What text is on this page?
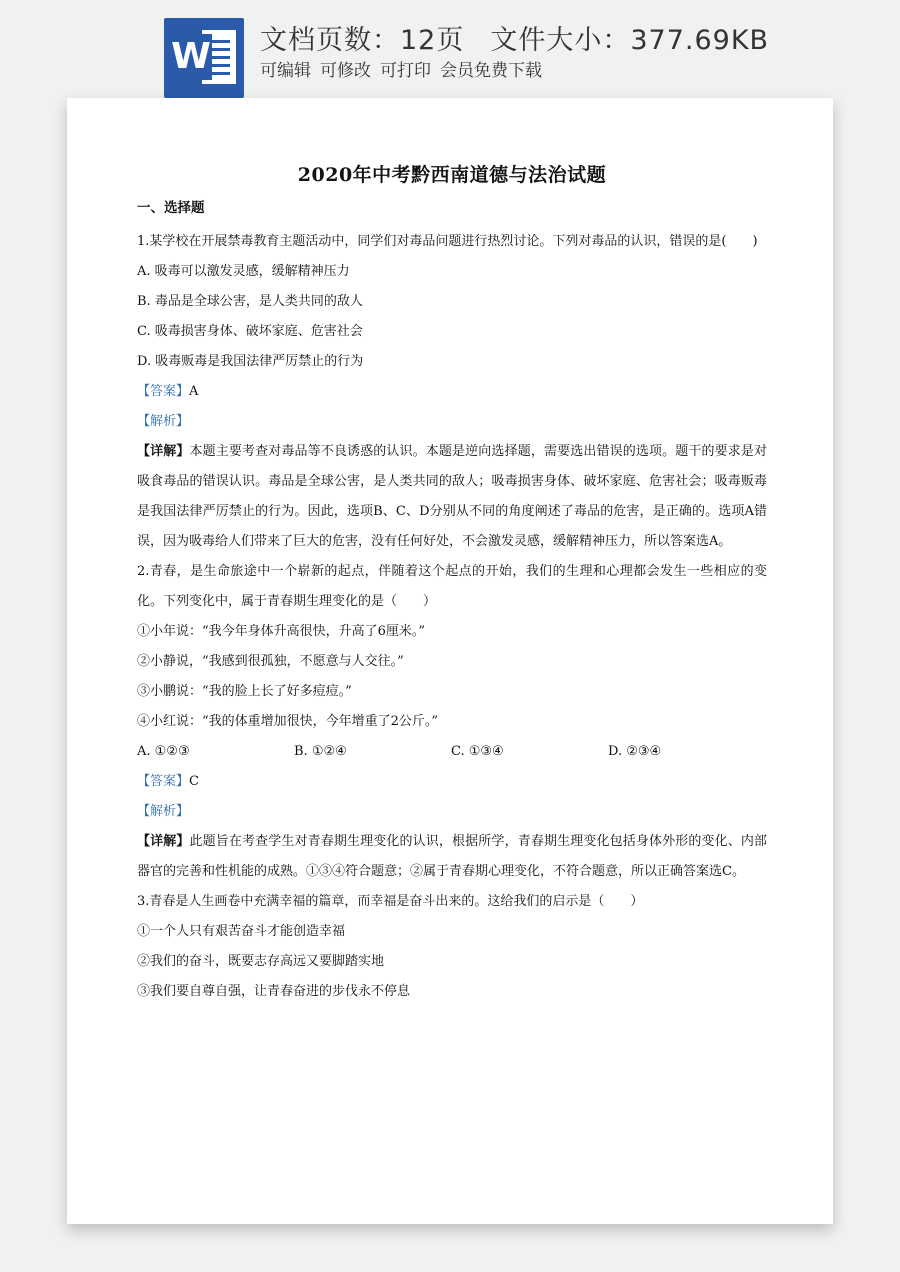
W 文档页数：12页 文件大小：377.69KB
可编辑 可修改 可打印 会员免费下载
2020年中考黔西南道德与法治试题
一、选择题
1.某学校在开展禁毒教育主题活动中，同学们对毒品问题进行热烈讨论。下列对毒品的认识，错误的是(　　)
A. 吸毒可以激发灵感，缓解精神压力
B. 毒品是全球公害，是人类共同的敌人
C. 吸毒损害身体、破坏家庭、危害社会
D. 吸毒贩毒是我国法律严厉禁止的行为
【答案】A
【解析】
【详解】本题主要考查对毒品等不良诱惑的认识。本题是逆向选择题，需要选出错误的选项。题干的要求是对吸食毒品的错误认识。毒品是全球公害，是人类共同的敌人；吸毒损害身体、破坏家庭、危害社会；吸毒贩毒是我国法律严厉禁止的行为。因此，选项B、C、D分别从不同的角度阐述了毒品的危害，是正确的。选项A错误，因为吸毒给人们带来了巨大的危害，没有任何好处，不会激发灵感，缓解精神压力，所以答案选A。
2.青春，是生命旅途中一个崭新的起点，伴随着这个起点的开始，我们的生理和心理都会发生一些相应的变化。下列变化中，属于青春期生理变化的是（　　）
①小年说：“我今年身体升高很快，升高了6厘米。”
②小静说，“我感到很孤独，不愿意与人交往。”
③小鹏说：“我的脸上长了好多痘痘。”
④小红说：“我的体重增加很快，今年增重了2公斤。”
A. ①②③	B. ①②④	C. ①③④	D. ②③④
【答案】C
【解析】
【详解】此题旨在考查学生对青春期生理变化的认识，根据所学，青春期生理变化包括身体外形的变化、内部器官的完善和性机能的成熟。①③④符合题意；②属于青春期心理变化，不符合题意，所以正确答案选C。
3.青春是人生画卷中充满幸福的篇章，而幸福是奋斗出来的。这给我们的启示是（　　）
①一个人只有艰苦奋斗才能创造幸福
②我们的奋斗，既要志存高远又要脚踏实地
③我们要自尊自强，让青春奋进的步伐永不停息
